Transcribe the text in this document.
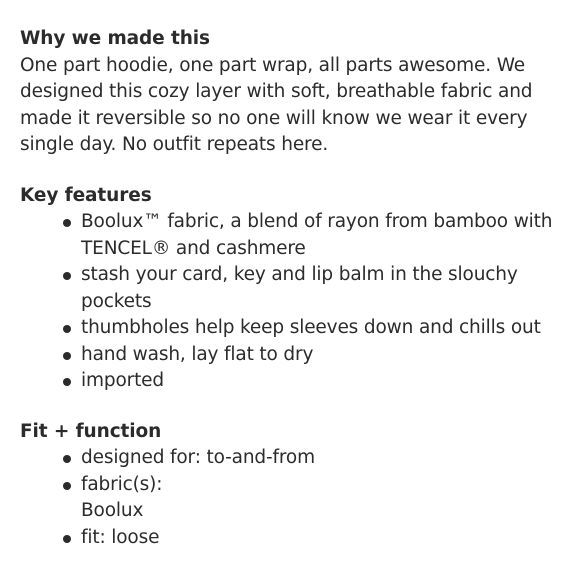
Why we made this

One part hoodie, one part wrap, all parts awesome. We designed this cozy layer with soft, breathable fabric and made it reversible so no one will know we wear it every single day. No outfit repeats here.

Key features

Boolux™ fabric, a blend of rayon from bamboo with TENCEL® and cashmere
stash your card, key and lip balm in the slouchy pockets
thumbholes help keep sleeves down and chills out
hand wash, lay flat to dry
imported

Fit + function

designed for: to-and-from
fabric(s):
Boolux
fit: loose
